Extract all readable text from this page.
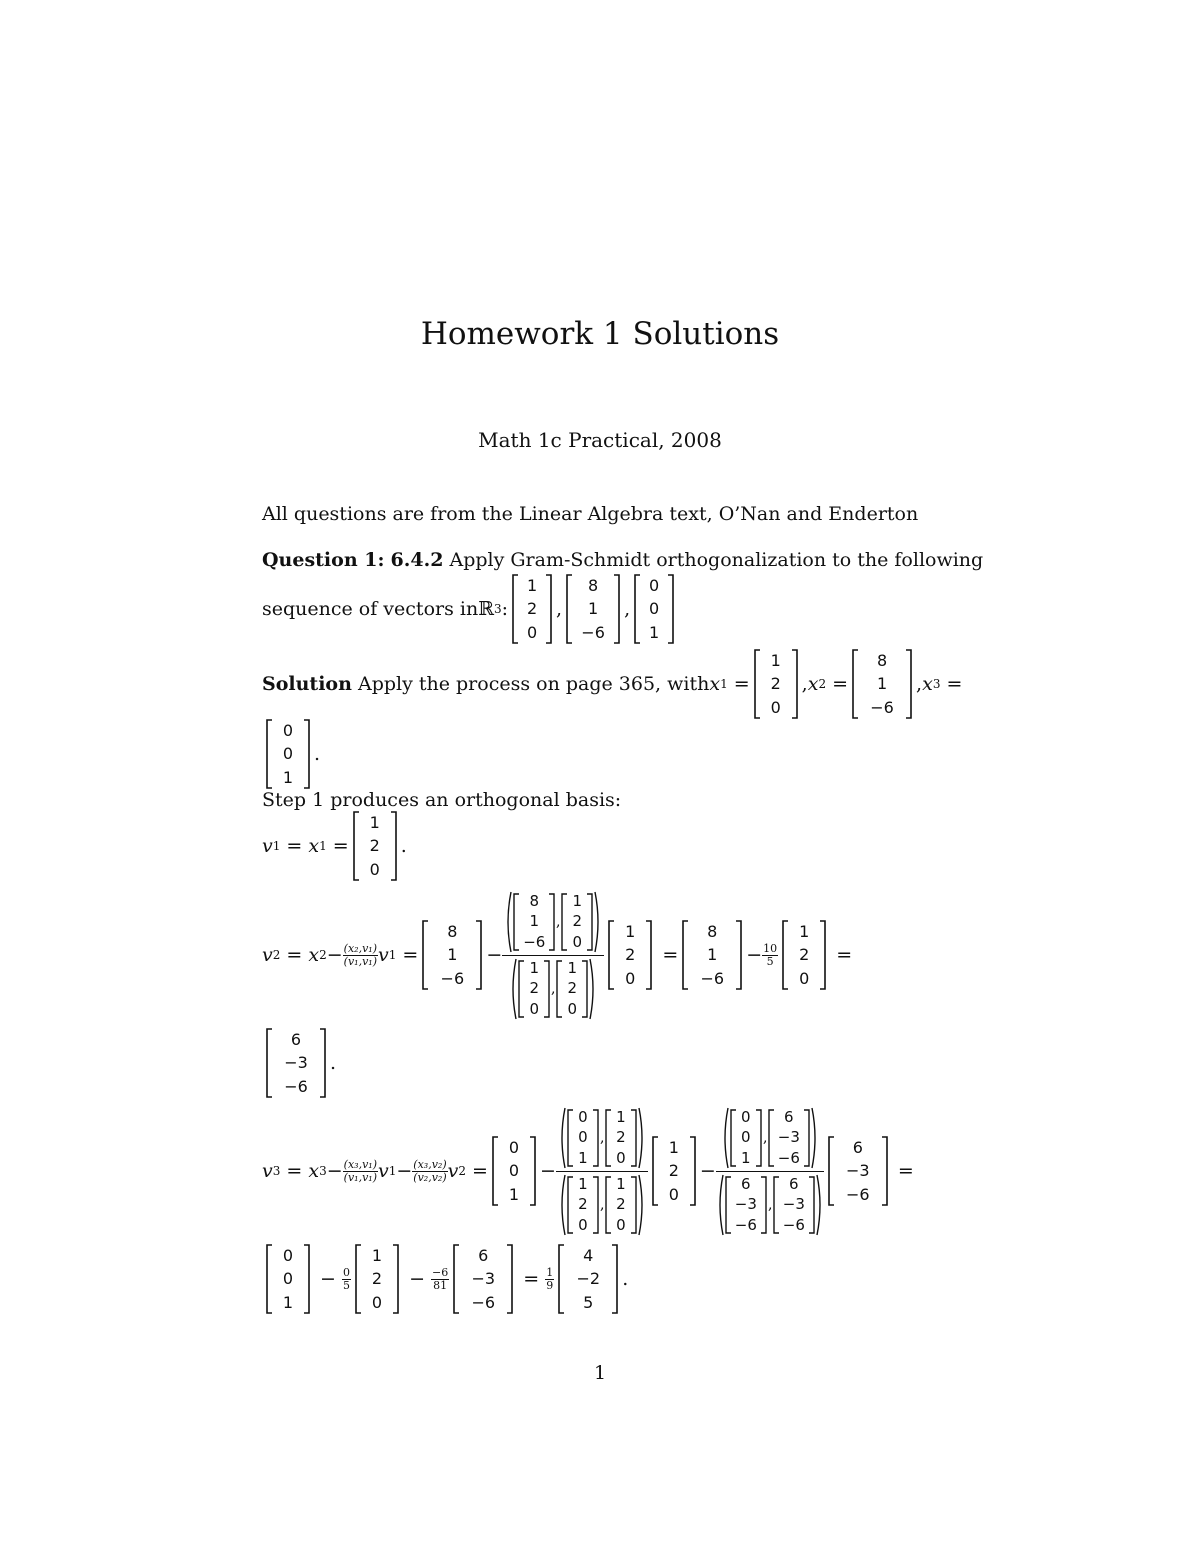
Homework 1 Solutions
Math 1c Practical, 2008
All questions are from the Linear Algebra text, O’Nan and Enderton
Question 1: 6.4.2 Apply Gram-Schmidt orthogonalization to the following
sequence of vectors in ℝ 3 :
1
2
0
,
8
1
−6
,
0
0
1
Solution
Apply the process on page 365, with x 1
=
1
2
0
, x 2
=
8
1
−6
, x 3
=
0
0
1
.
Step 1 produces an orthogonal basis:
v 1
=
x 1
=
1
2
0
.
v 2
=
x $2 - \frac{\text{(x₂,v₁)}}{\text{(v₁,v₁)}}$ v 1
=
8
1
−6
− ,
8
1
−6
1
2
0
,
1
2
0
1
2
0	1
2
0

=
8
1
−6
− $\frac{10}{5}$
1
2
0

=
6
−3
−6
.
v 3
=
x $3 - \frac{\text{(x₃,v₁)}}{\text{(v₁,v₁)}}$ v $1 - \frac{\text{(x₃,v₂)}}{\text{(v₂,v₂)}}$ v 2
=
0
0
1
− ,
0
0
1
1
2
0
,
1
2
0
1
2
0	1
2
0
− ,
0
0
1
6
−3
−6
,
6
−3
−6
6
−3
−6	6
−3
−6

=
0
0
1

−
$\frac{0}{5}$
1
2
0

−
$\frac{-6}{81}$
6
−3
−6

=
$\frac{1}{9}$
4
−2
5
.
1
